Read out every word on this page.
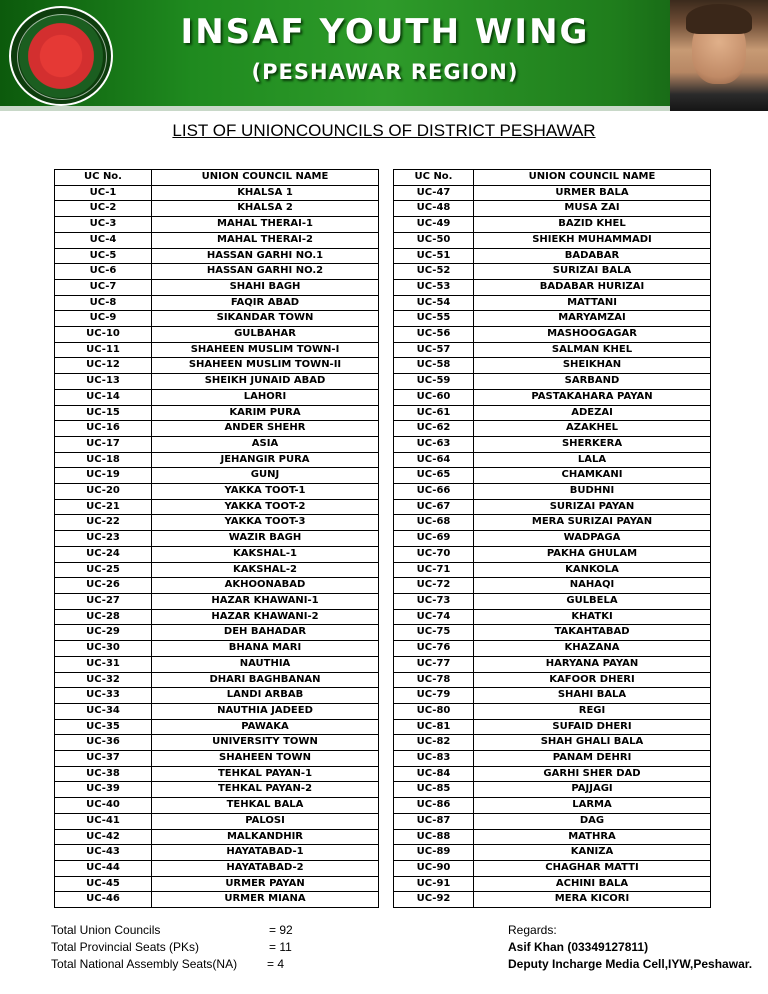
INSAF YOUTH WING
(PESHAWAR REGION)
LIST OF UNIONCOUNCILS OF DISTRICT PESHAWAR
UC No.	UNION COUNCIL NAME
UC-1	KHALSA 1
UC-2	KHALSA 2
UC-3	MAHAL THERAI-1
UC-4	MAHAL THERAI-2
UC-5	HASSAN GARHI NO.1
UC-6	HASSAN GARHI NO.2
UC-7	SHAHI BAGH
UC-8	FAQIR ABAD
UC-9	SIKANDAR TOWN
UC-10	GULBAHAR
UC-11	SHAHEEN MUSLIM TOWN-I
UC-12	SHAHEEN MUSLIM TOWN-II
UC-13	SHEIKH JUNAID ABAD
UC-14	LAHORI
UC-15	KARIM PURA
UC-16	ANDER SHEHR
UC-17	ASIA
UC-18	JEHANGIR PURA
UC-19	GUNJ
UC-20	YAKKA TOOT-1
UC-21	YAKKA TOOT-2
UC-22	YAKKA TOOT-3
UC-23	WAZIR BAGH
UC-24	KAKSHAL-1
UC-25	KAKSHAL-2
UC-26	AKHOONABAD
UC-27	HAZAR KHAWANI-1
UC-28	HAZAR KHAWANI-2
UC-29	DEH BAHADAR
UC-30	BHANA MARI
UC-31	NAUTHIA
UC-32	DHARI BAGHBANAN
UC-33	LANDI ARBAB
UC-34	NAUTHIA JADEED
UC-35	PAWAKA
UC-36	UNIVERSITY TOWN
UC-37	SHAHEEN TOWN
UC-38	TEHKAL PAYAN-1
UC-39	TEHKAL PAYAN-2
UC-40	TEHKAL BALA
UC-41	PALOSI
UC-42	MALKANDHIR
UC-43	HAYATABAD-1
UC-44	HAYATABAD-2
UC-45	URMER PAYAN
UC-46	URMER MIANA
UC No.	UNION COUNCIL NAME
UC-47	URMER BALA
UC-48	MUSA ZAI
UC-49	BAZID KHEL
UC-50	SHIEKH MUHAMMADI
UC-51	BADABAR
UC-52	SURIZAI BALA
UC-53	BADABAR HURIZAI
UC-54	MATTANI
UC-55	MARYAMZAI
UC-56	MASHOOGAGAR
UC-57	SALMAN KHEL
UC-58	SHEIKHAN
UC-59	SARBAND
UC-60	PASTAKAHARA PAYAN
UC-61	ADEZAI
UC-62	AZAKHEL
UC-63	SHERKERA
UC-64	LALA
UC-65	CHAMKANI
UC-66	BUDHNI
UC-67	SURIZAI PAYAN
UC-68	MERA SURIZAI PAYAN
UC-69	WADPAGA
UC-70	PAKHA GHULAM
UC-71	KANKOLA
UC-72	NAHAQI
UC-73	GULBELA
UC-74	KHATKI
UC-75	TAKAHTABAD
UC-76	KHAZANA
UC-77	HARYANA PAYAN
UC-78	KAFOOR DHERI
UC-79	SHAHI BALA
UC-80	REGI
UC-81	SUFAID DHERI
UC-82	SHAH GHALI BALA
UC-83	PANAM DEHRI
UC-84	GARHI SHER DAD
UC-85	PAJJAGI
UC-86	LARMA
UC-87	DAG
UC-88	MATHRA
UC-89	KANIZA
UC-90	CHAGHAR MATTI
UC-91	ACHINI BALA
UC-92	MERA KICORI
Total Union Councils	= 92
Total Provincial Seats (PKs)	= 11
Total National Assembly Seats(NA) = 4
Regards:
Asif Khan (03349127811)
Deputy Incharge Media Cell,IYW,Peshawar.
